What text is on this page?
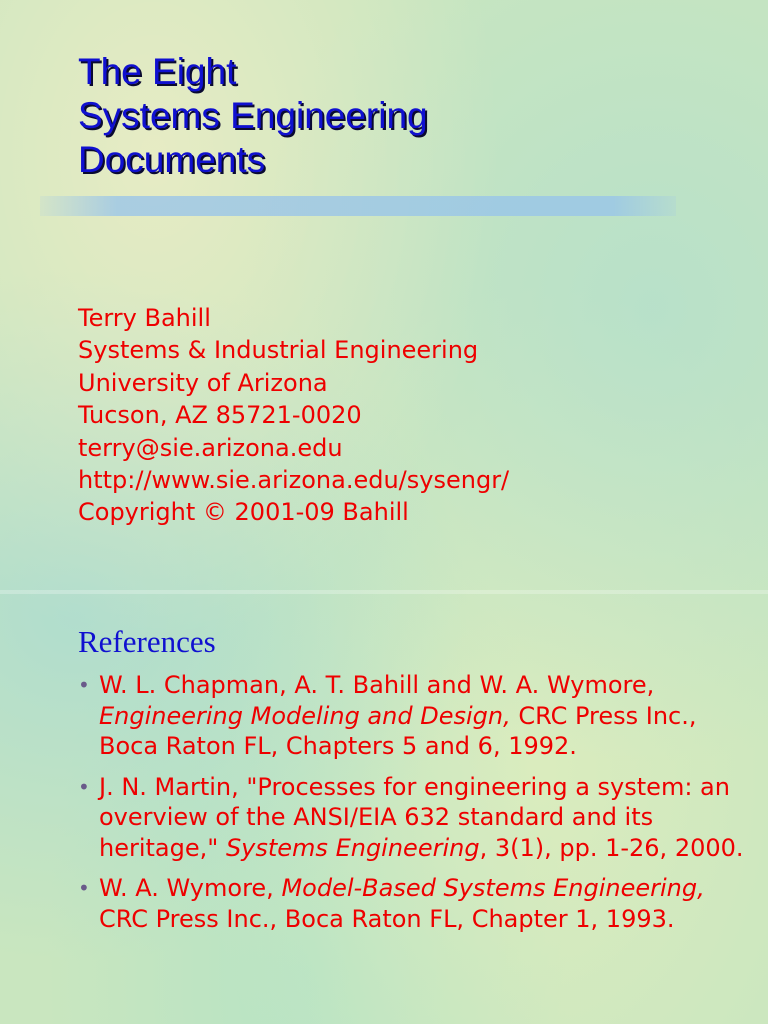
The Eight
Systems Engineering
Documents
Terry Bahill
Systems & Industrial Engineering
University of Arizona
Tucson, AZ 85721-0020
terry@sie.arizona.edu
http://www.sie.arizona.edu/sysengr/
Copyright © 2001-09 Bahill
References
• W. L. Chapman, A. T. Bahill and W. A. Wymore, Engineering Modeling and Design, CRC Press Inc., Boca Raton FL, Chapters 5 and 6, 1992.
• J. N. Martin, "Processes for engineering a system: an overview of the ANSI/EIA 632 standard and its heritage," Systems Engineering, 3(1), pp. 1-26, 2000.
• W. A. Wymore, Model-Based Systems Engineering, CRC Press Inc., Boca Raton FL, Chapter 1, 1993.
